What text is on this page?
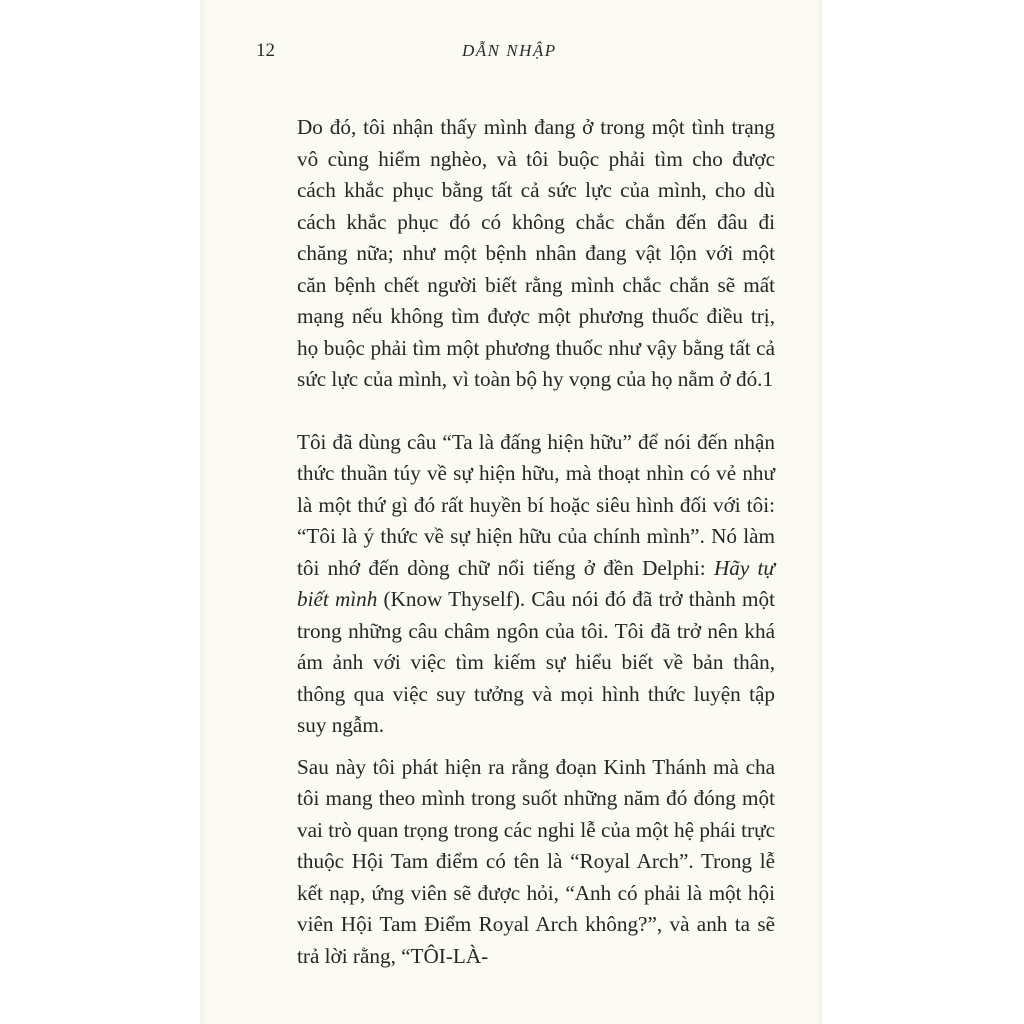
12	DẪN NHẬP

Do đó, tôi nhận thấy mình đang ở trong một tình trạng vô cùng hiểm nghèo, và tôi buộc phải tìm cho được cách khắc phục bằng tất cả sức lực của mình, cho dù cách khắc phục đó có không chắc chắn đến đâu đi chăng nữa; như một bệnh nhân đang vật lộn với một căn bệnh chết người biết rằng mình chắc chắn sẽ mất mạng nếu không tìm được một phương thuốc điều trị, họ buộc phải tìm một phương thuốc như vậy bằng tất cả sức lực của mình, vì toàn bộ hy vọng của họ nằm ở đó.1

Tôi đã dùng câu “Ta là đấng hiện hữu” để nói đến nhận thức thuần túy về sự hiện hữu, mà thoạt nhìn có vẻ như là một thứ gì đó rất huyền bí hoặc siêu hình đối với tôi: “Tôi là ý thức về sự hiện hữu của chính mình”. Nó làm tôi nhớ đến dòng chữ nổi tiếng ở đền Delphi: Hãy tự biết mình (Know Thyself). Câu nói đó đã trở thành một trong những câu châm ngôn của tôi. Tôi đã trở nên khá ám ảnh với việc tìm kiếm sự hiểu biết về bản thân, thông qua việc suy tưởng và mọi hình thức luyện tập suy ngẫm.

Sau này tôi phát hiện ra rằng đoạn Kinh Thánh mà cha tôi mang theo mình trong suốt những năm đó đóng một vai trò quan trọng trong các nghi lễ của một hệ phái trực thuộc Hội Tam điểm có tên là “Royal Arch”. Trong lễ kết nạp, ứng viên sẽ được hỏi, “Anh có phải là một hội viên Hội Tam Điểm Royal Arch không?”, và anh ta sẽ trả lời rằng, “TÔI-LÀ-
